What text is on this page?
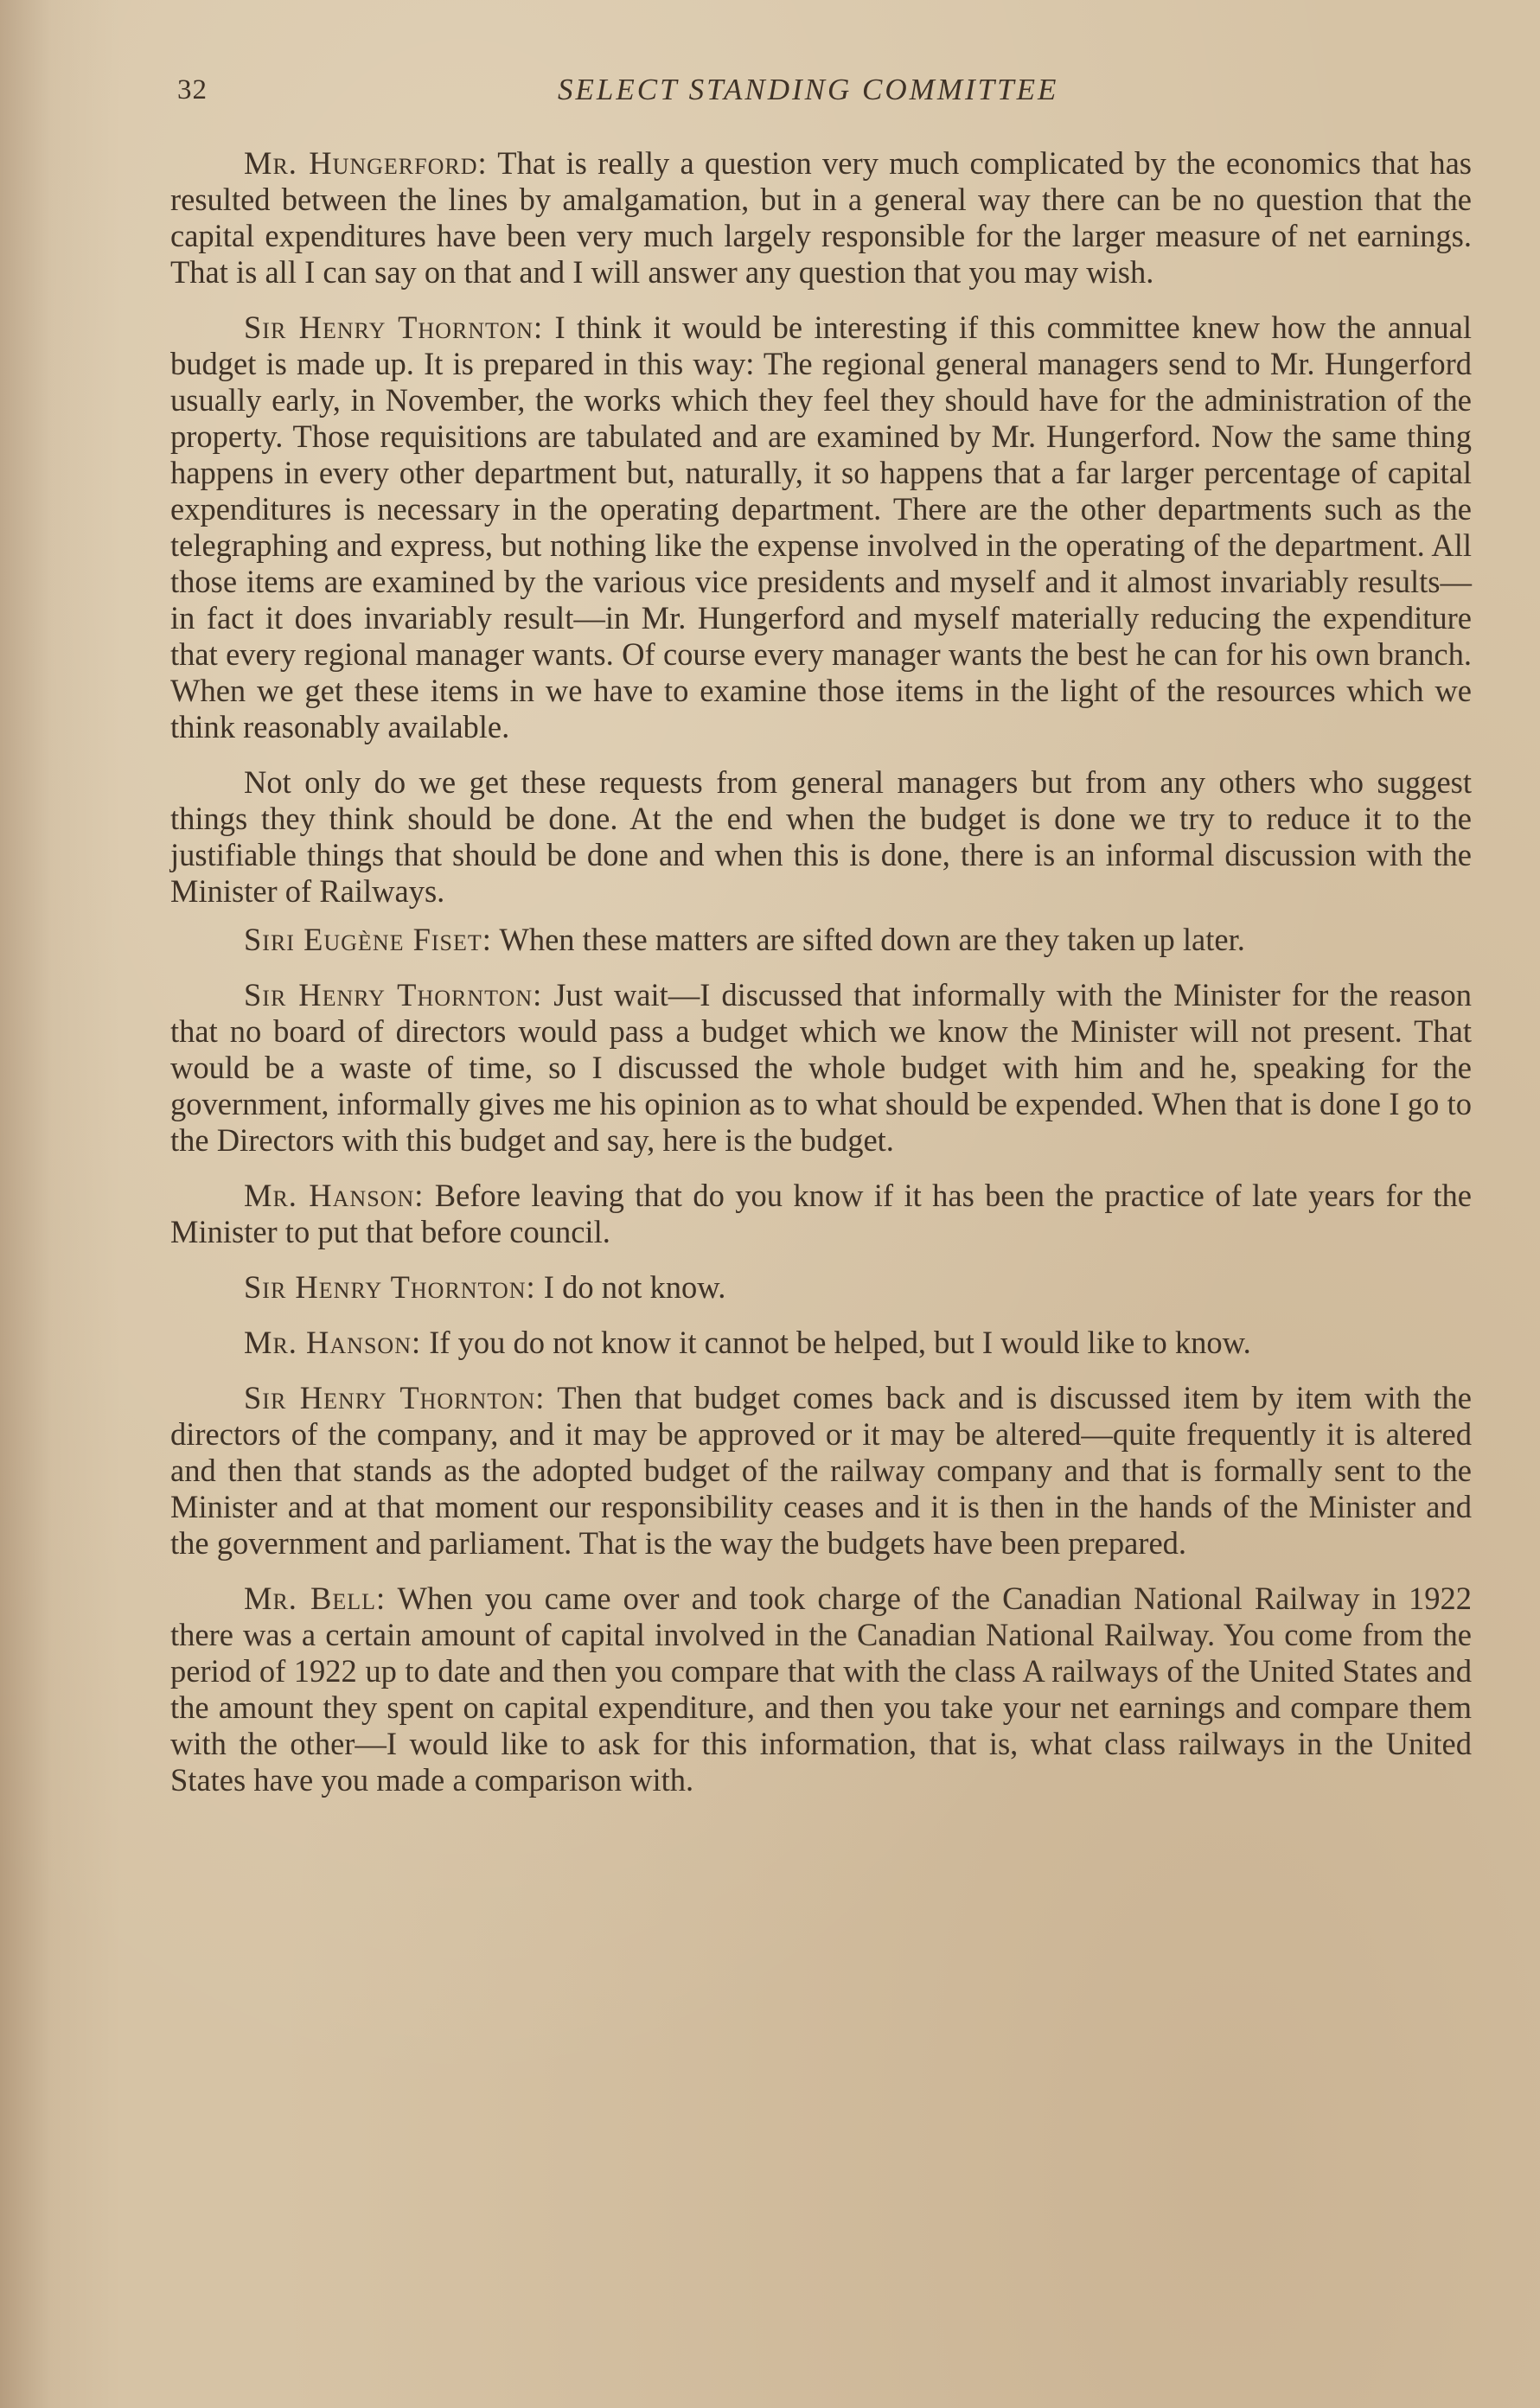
32	SELECT STANDING COMMITTEE

Mr. Hungerford: That is really a question very much complicated by the economics that has resulted between the lines by amalgamation, but in a general way there can be no question that the capital expenditures have been very much largely responsible for the larger measure of net earnings. That is all I can say on that and I will answer any question that you may wish.

Sir Henry Thornton: I think it would be interesting if this committee knew how the annual budget is made up. It is prepared in this way: The regional general managers send to Mr. Hungerford usually early, in November, the works which they feel they should have for the administration of the property. Those requisitions are tabulated and are examined by Mr. Hungerford. Now the same thing happens in every other department but, naturally, it so happens that a far larger percentage of capital expenditures is necessary in the operating department. There are the other departments such as the telegraphing and express, but nothing like the expense involved in the operating of the department. All those items are examined by the various vice presidents and myself and it almost invariably results—in fact it does invariably result—in Mr. Hungerford and myself materially reducing the expenditure that every regional manager wants. Of course every manager wants the best he can for his own branch. When we get these items in we have to examine those items in the light of the resources which we think reasonably available.

Not only do we get these requests from general managers but from any others who suggest things they think should be done. At the end when the budget is done we try to reduce it to the justifiable things that should be done and when this is done, there is an informal discussion with the Minister of Railways.

Siri Eugène Fiset: When these matters are sifted down are they taken up later.

Sir Henry Thornton: Just wait—I discussed that informally with the Minister for the reason that no board of directors would pass a budget which we know the Minister will not present. That would be a waste of time, so I discussed the whole budget with him and he, speaking for the government, informally gives me his opinion as to what should be expended. When that is done I go to the Directors with this budget and say, here is the budget.

Mr. Hanson: Before leaving that do you know if it has been the practice of late years for the Minister to put that before council.

Sir Henry Thornton: I do not know.

Mr. Hanson: If you do not know it cannot be helped, but I would like to know.

Sir Henry Thornton: Then that budget comes back and is discussed item by item with the directors of the company, and it may be approved or it may be altered—quite frequently it is altered and then that stands as the adopted budget of the railway company and that is formally sent to the Minister and at that moment our responsibility ceases and it is then in the hands of the Minister and the government and parliament. That is the way the budgets have been prepared.

Mr. Bell: When you came over and took charge of the Canadian National Railway in 1922 there was a certain amount of capital involved in the Canadian National Railway. You come from the period of 1922 up to date and then you compare that with the class A railways of the United States and the amount they spent on capital expenditure, and then you take your net earnings and compare them with the other—I would like to ask for this information, that is, what class railways in the United States have you made a comparison with.
